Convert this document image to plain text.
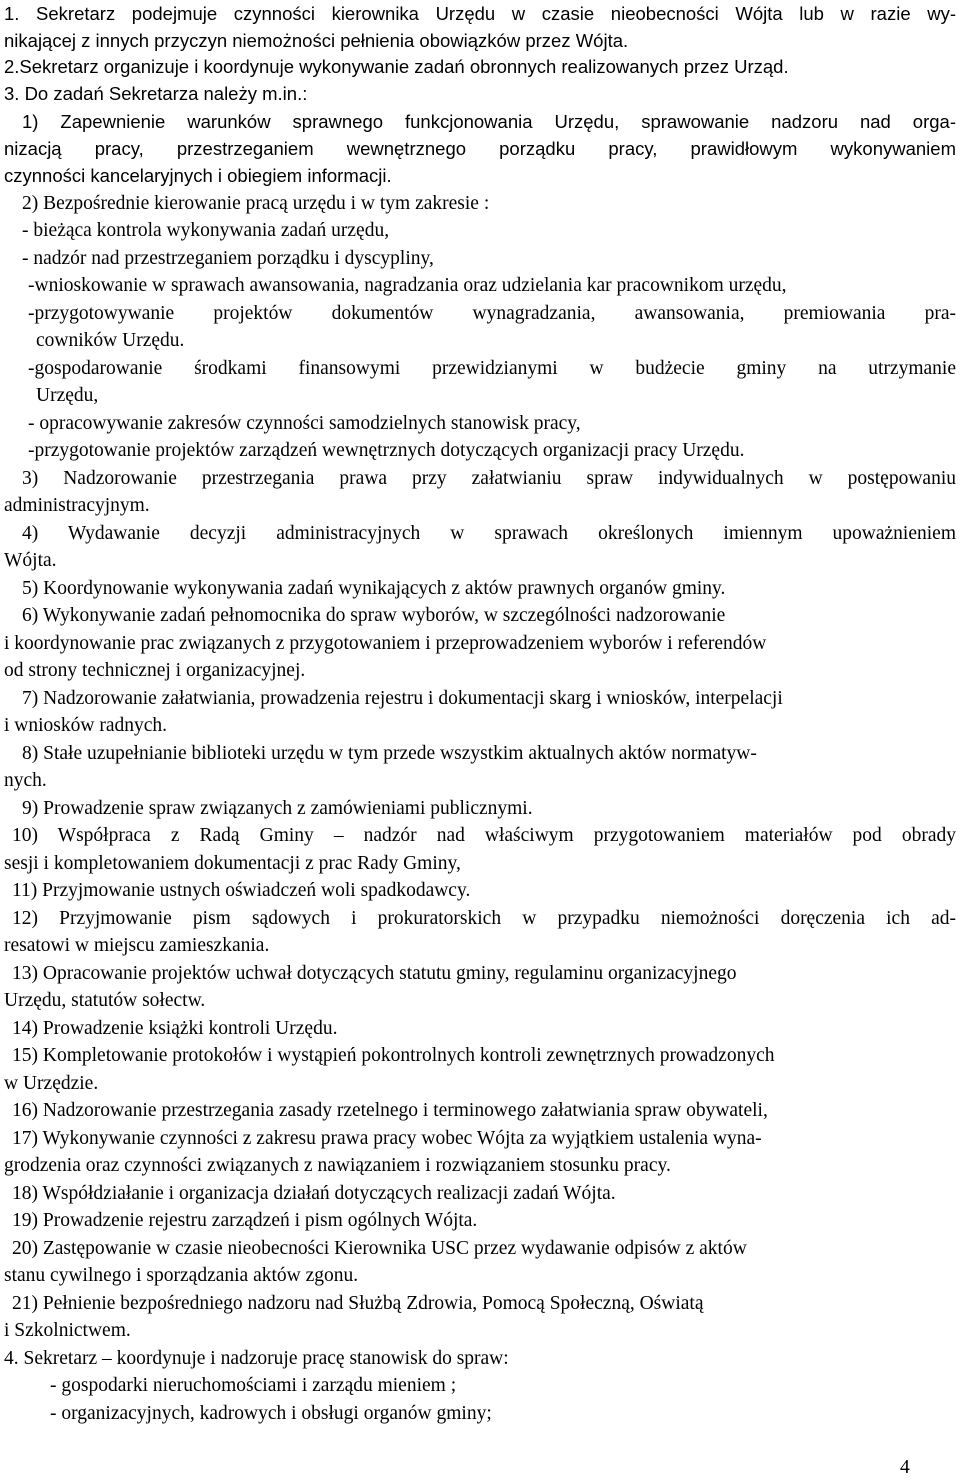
1. Sekretarz podejmuje czynności kierownika Urzędu w czasie nieobecności Wójta lub w razie wy-
nikającej z innych przyczyn niemożności pełnienia obowiązków przez Wójta.
2.Sekretarz organizuje i koordynuje wykonywanie zadań obronnych realizowanych przez Urząd.
3. Do zadań Sekretarza należy m.in.:
1) Zapewnienie warunków sprawnego funkcjonowania Urzędu, sprawowanie nadzoru nad orga-
nizacją pracy, przestrzeganiem wewnętrznego porządku pracy, prawidłowym wykonywaniem
czynności kancelaryjnych i obiegiem informacji.
2) Bezpośrednie kierowanie pracą urzędu i w tym zakresie :
- bieżąca kontrola wykonywania zadań urzędu,
- nadzór nad przestrzeganiem porządku i dyscypliny,
-wnioskowanie w sprawach awansowania, nagradzania oraz udzielania kar pracownikom urzędu,
-przygotowywanie projektów dokumentów wynagradzania, awansowania, premiowania pra-
cowników Urzędu.
-gospodarowanie środkami finansowymi przewidzianymi w budżecie gminy na utrzymanie
Urzędu,
- opracowywanie zakresów czynności samodzielnych stanowisk pracy,
-przygotowanie projektów zarządzeń wewnętrznych dotyczących organizacji pracy Urzędu.
3) Nadzorowanie przestrzegania prawa przy załatwianiu spraw indywidualnych w postępowaniu
administracyjnym.
4) Wydawanie decyzji administracyjnych w sprawach określonych imiennym upoważnieniem
Wójta.
5) Koordynowanie wykonywania zadań wynikających z aktów prawnych organów gminy.
6) Wykonywanie zadań pełnomocnika do spraw wyborów, w szczególności nadzorowanie
i koordynowanie prac związanych z przygotowaniem i przeprowadzeniem wyborów i referendów
od strony technicznej i organizacyjnej.
7) Nadzorowanie załatwiania, prowadzenia rejestru i dokumentacji skarg i wniosków, interpelacji
i wniosków radnych.
8) Stałe uzupełnianie biblioteki urzędu w tym przede wszystkim aktualnych aktów normatyw-
nych.
9) Prowadzenie spraw związanych z zamówieniami publicznymi.
10) Współpraca z Radą Gminy – nadzór nad właściwym przygotowaniem materiałów pod obrady
sesji i kompletowaniem dokumentacji z prac Rady Gminy,
11) Przyjmowanie ustnych oświadczeń woli spadkodawcy.
12) Przyjmowanie pism sądowych i prokuratorskich w przypadku niemożności doręczenia ich ad-
resatowi w miejscu zamieszkania.
13) Opracowanie projektów uchwał dotyczących statutu gminy, regulaminu organizacyjnego
Urzędu, statutów sołectw.
14) Prowadzenie książki kontroli Urzędu.
15) Kompletowanie protokołów i wystąpień pokontrolnych kontroli zewnętrznych prowadzonych
w Urzędzie.
16) Nadzorowanie przestrzegania zasady rzetelnego i terminowego załatwiania spraw obywateli,
17) Wykonywanie czynności z zakresu prawa pracy wobec Wójta za wyjątkiem ustalenia wyna-
grodzenia oraz czynności związanych z nawiązaniem i rozwiązaniem stosunku pracy.
18) Współdziałanie i organizacja działań dotyczących realizacji zadań Wójta.
19) Prowadzenie rejestru zarządzeń i pism ogólnych Wójta.
20) Zastępowanie w czasie nieobecności Kierownika USC przez wydawanie odpisów z aktów
stanu cywilnego i sporządzania aktów zgonu.
21) Pełnienie bezpośredniego nadzoru nad Służbą Zdrowia, Pomocą Społeczną, Oświatą
i Szkolnictwem.
4. Sekretarz – koordynuje i nadzoruje pracę stanowisk do spraw:
- gospodarki nieruchomościami i zarządu mieniem ;
- organizacyjnych, kadrowych i obsługi organów gminy;
4
